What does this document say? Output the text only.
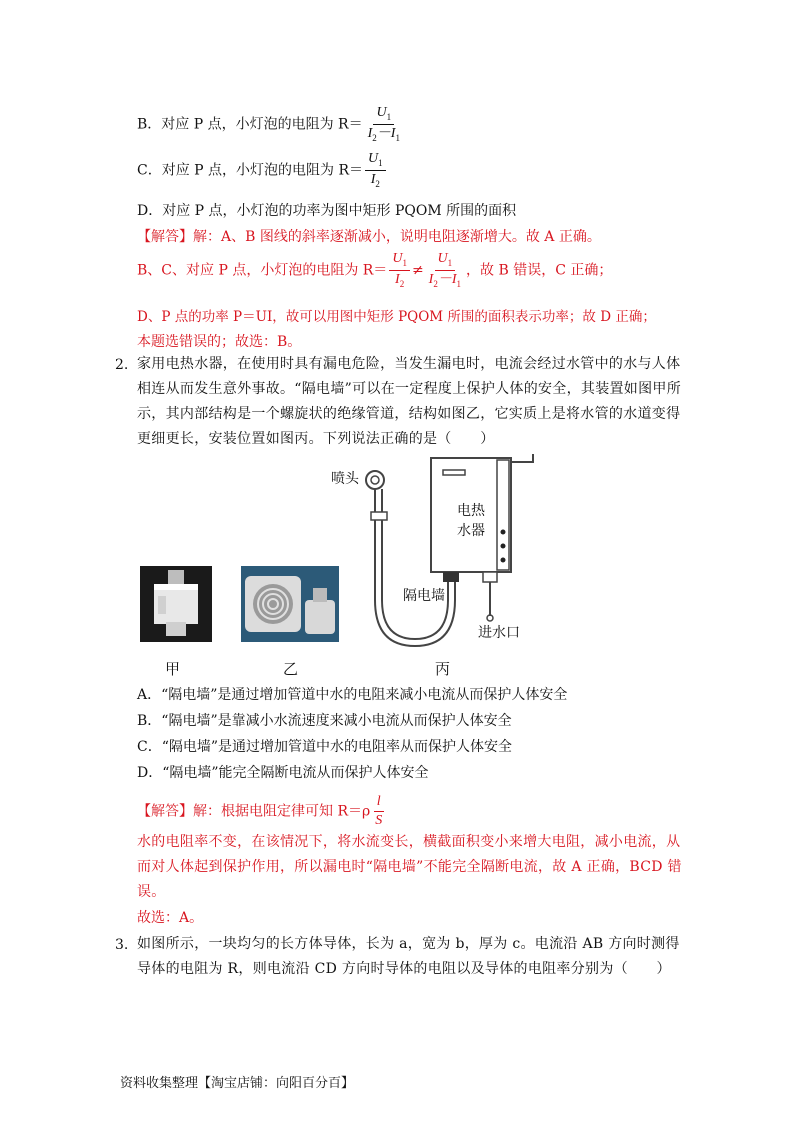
B．对应 P 点，小灯泡的电阻为 $R= \frac{U_1}{I_2-I_1}$
C．对应 P 点，小灯泡的电阻为 $R= \frac{U_1}{I_2}$
D．对应 P 点，小灯泡的功率为图中矩形 PQOM 所围的面积
【解答】解：A、B 图线的斜率逐渐减小，说明电阻逐渐增大。故 A 正确。
B、C、对应 P 点，小灯泡的电阻为 $R= \frac{U_1}{I_2} \ne \frac{U_1}{I_2-I_1}$ ，故 B 错误，C 正确；
D、P 点的功率 P＝UI，故可以用图中矩形 PQOM 所围的面积表示功率；故 D 正确；
本题选错误的；故选：B。
2. 家用电热水器，在使用时具有漏电危险，当发生漏电时，电流会经过水管中的水与人体相连从而发生意外事故。“隔电墙”可以在一定程度上保护人体的安全，其装置如图甲所示，其内部结构是一个螺旋状的绝缘管道，结构如图乙，它实质上是将水管的水道变得更细更长，安装位置如图丙。下列说法正确的是（　　）
甲	乙
喷头
电热
水器
隔电墙
进水口
丙
A．“隔电墙”是通过增加管道中水的电阻来减小电流从而保护人体安全
B．“隔电墙”是靠减小水流速度来减小电流从而保护人体安全
C．“隔电墙”是通过增加管道中水的电阻率从而保护人体安全
D．“隔电墙”能完全隔断电流从而保护人体安全
【解答】解：根据电阻定律可知 $R=\rho \frac{l}{S}$
水的电阻率不变，在该情况下，将水流变长，横截面积变小来增大电阻，减小电流，从而对人体起到保护作用，所以漏电时“隔电墙”不能完全隔断电流，故 A 正确，BCD 错误。
故选：A。
3. 如图所示，一块均匀的长方体导体，长为 a，宽为 b，厚为 c。电流沿 AB 方向时测得导体的电阻为 R，则电流沿 CD 方向时导体的电阻以及导体的电阻率分别为（　　）
资料收集整理【淘宝店铺：向阳百分百】
